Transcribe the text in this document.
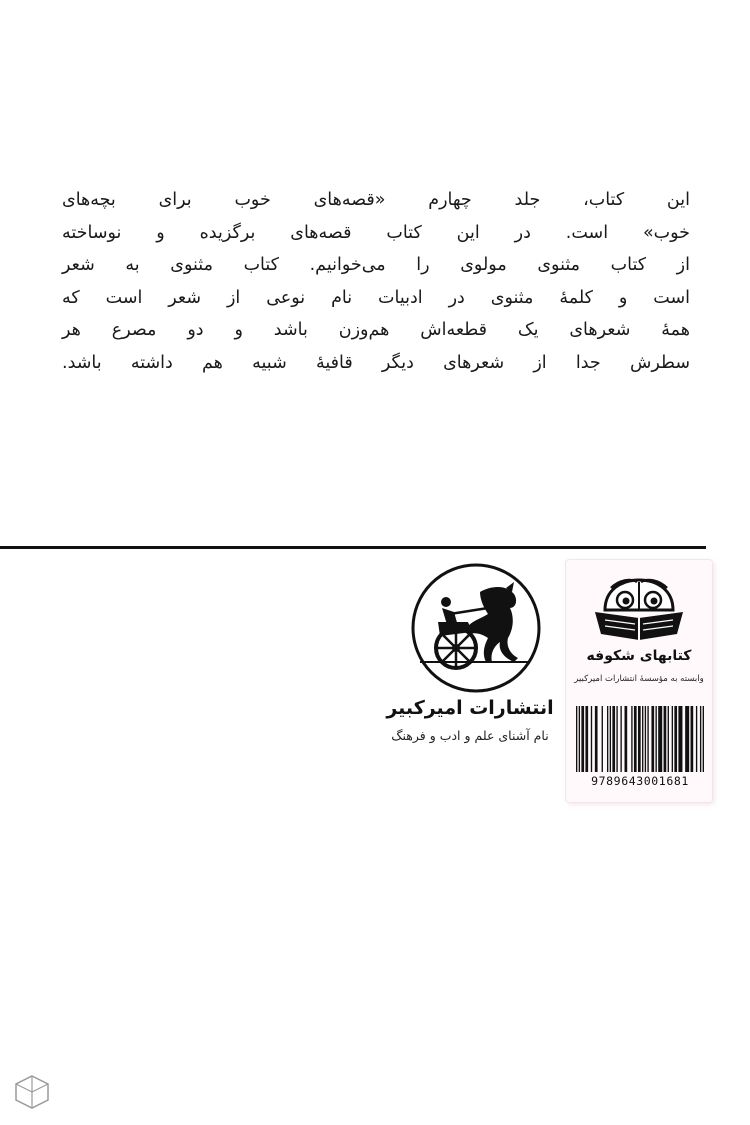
این کتاب، جلد چهارم «قصه‌های خوب برای بچه‌های
خوب» است. در این کتاب قصه‌های برگزیده و نوساخته
از کتاب مثنوی مولوی را می‌خوانیم. کتاب مثنوی به شعر
است و کلمهٔ مثنوی در ادبیات نام نوعی از شعر است که
همهٔ شعرهای یک قطعه‌اش هم‌وزن باشد و دو مصرع هر
سطرش جدا از شعرهای دیگر قافیهٔ شبیه هم داشته باشد.
انتشارات امیرکبیر
نام آشنای علم و ادب و فرهنگ
کتابهای شکوفه
وابسته به مؤسسهٔ انتشارات امیرکبیر
9789643001681
